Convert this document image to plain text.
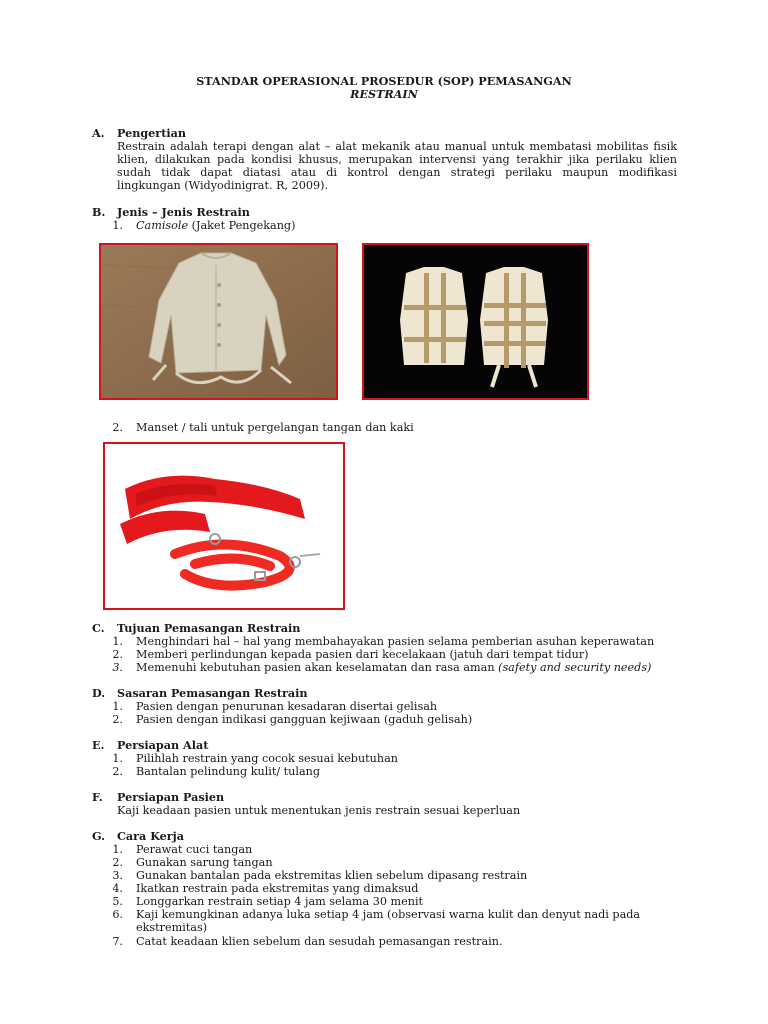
STANDAR OPERASIONAL PROSEDUR (SOP) PEMASANGAN
RESTRAIN
A. Pengertian
Restrain adalah terapi dengan alat – alat mekanik atau manual untuk membatasi mobilitas fisik
klien, dilakukan pada kondisi khusus, merupakan intervensi yang terakhir jika perilaku klien
sudah tidak dapat diatasi atau di kontrol dengan strategi perilaku maupun modifikasi
lingkungan (Widyodinigrat. R, 2009).
B. Jenis – Jenis Restrain
1. Camisole (Jaket Pengekang)
2. Manset / tali untuk pergelangan tangan dan kaki
C. Tujuan Pemasangan Restrain
1. Menghindari hal – hal yang membahayakan pasien selama pemberian asuhan keperawatan
2. Memberi perlindungan kepada pasien dari kecelakaan (jatuh dari tempat tidur)
3. Memenuhi kebutuhan pasien akan keselamatan dan rasa aman (safety and security needs)
D. Sasaran Pemasangan Restrain
1. Pasien dengan penurunan kesadaran disertai gelisah
2. Pasien dengan indikasi gangguan kejiwaan (gaduh gelisah)
E. Persiapan Alat
1. Pilihlah restrain yang cocok sesuai kebutuhan
2. Bantalan pelindung kulit/ tulang
F. Persiapan Pasien
Kaji keadaan pasien untuk menentukan jenis restrain sesuai keperluan
G. Cara Kerja
1. Perawat cuci tangan
2. Gunakan sarung tangan
3. Gunakan bantalan pada ekstremitas klien sebelum dipasang restrain
4. Ikatkan restrain pada ekstremitas yang dimaksud
5. Longgarkan restrain setiap 4 jam selama 30 menit
6. Kaji kemungkinan adanya luka setiap 4 jam (observasi warna kulit dan denyut nadi pada
ekstremitas)
7. Catat keadaan klien sebelum dan sesudah pemasangan restrain.
